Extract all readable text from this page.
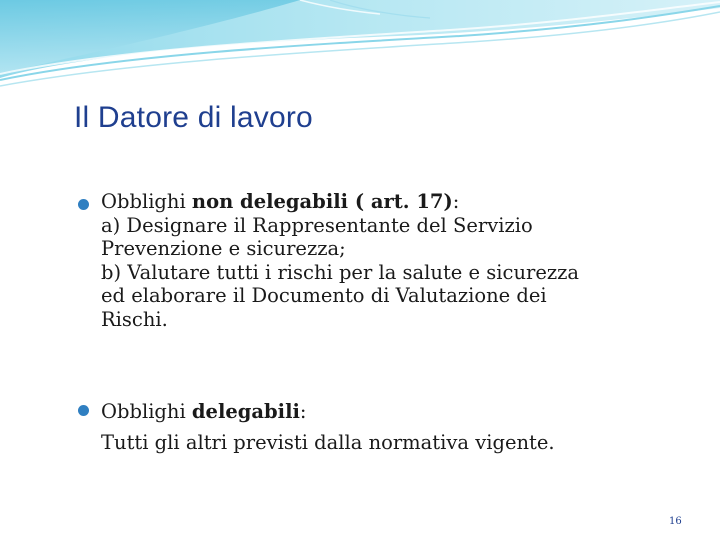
Il Datore di lavoro
Obblighi non delegabili ( art. 17):
a) Designare il Rappresentante del Servizio
Prevenzione e sicurezza;
b) Valutare tutti i rischi per la salute e sicurezza
ed elaborare il Documento di Valutazione dei
Rischi.
Obblighi delegabili:
Tutti gli altri previsti dalla normativa vigente.
16
